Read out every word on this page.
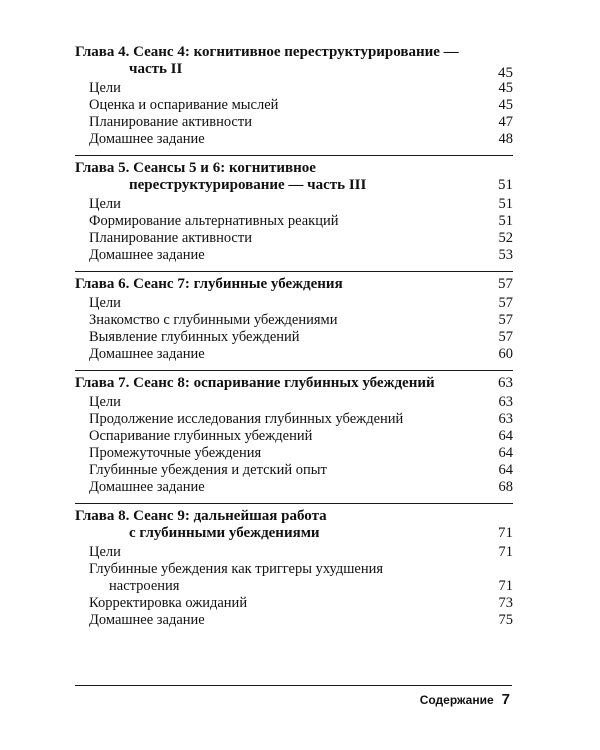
Глава 4. Сеанс 4: когнитивное переструктурирование —
часть II	45
Цели	45
Оценка и оспаривание мыслей	45
Планирование активности	47
Домашнее задание	48
Глава 5. Сеансы 5 и 6: когнитивное
переструктурирование — часть III	51
Цели	51
Формирование альтернативных реакций	51
Планирование активности	52
Домашнее задание	53
Глава 6. Сеанс 7: глубинные убеждения	57
Цели	57
Знакомство с глубинными убеждениями	57
Выявление глубинных убеждений	57
Домашнее задание	60
Глава 7. Сеанс 8: оспаривание глубинных убеждений	63
Цели	63
Продолжение исследования глубинных убеждений	63
Оспаривание глубинных убеждений	64
Промежуточные убеждения	64
Глубинные убеждения и детский опыт	64
Домашнее задание	68
Глава 8. Сеанс 9: дальнейшая работа
с глубинными убеждениями	71
Цели	71
Глубинные убеждения как триггеры ухудшения
настроения	71
Корректировка ожиданий	73
Домашнее задание	75
Содержание 7
